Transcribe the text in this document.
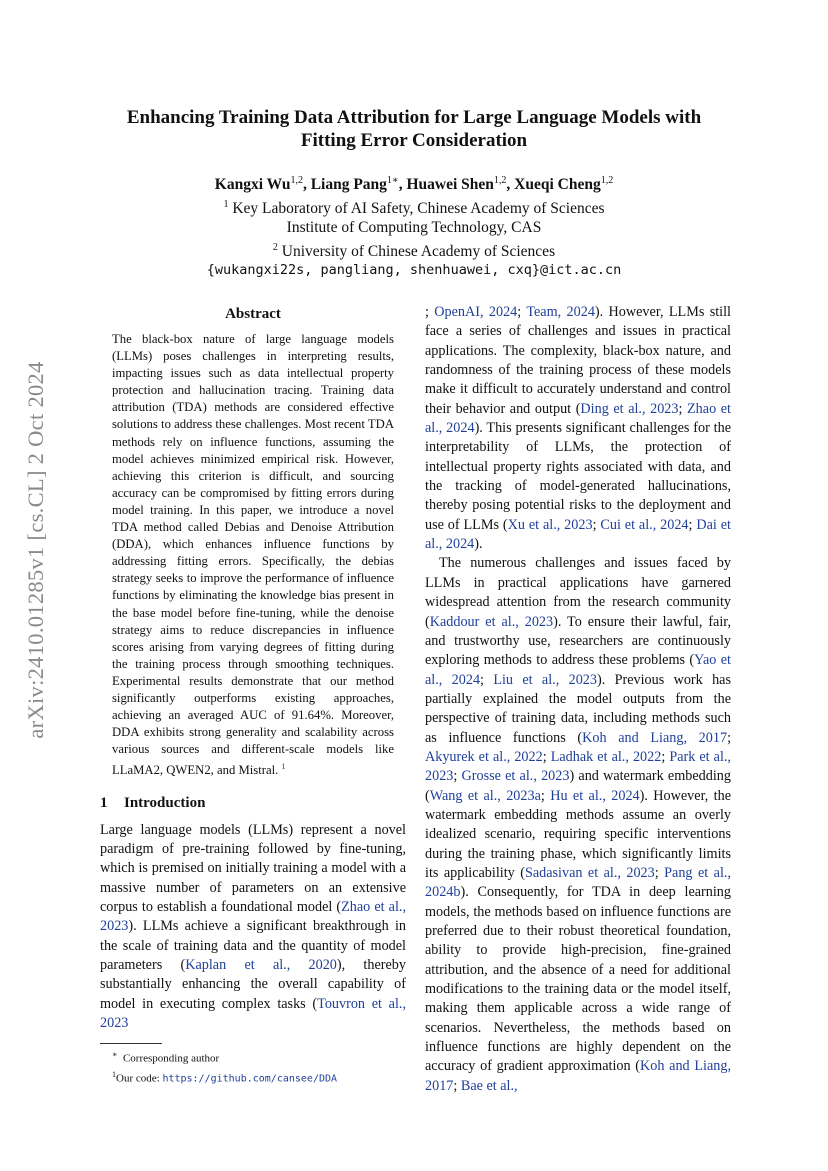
arXiv:2410.01285v1 [cs.CL] 2 Oct 2024
Enhancing Training Data Attribution for Large Language Models with Fitting Error Consideration
Kangxi Wu$^{1,2}$, Liang Pang$^{1∗}$, Huawei Shen$^{1,2}$, Xueqi Cheng$^{1,2}$
$^1$ Key Laboratory of AI Safety, Chinese Academy of Sciences
Institute of Computing Technology, CAS
$^2$ University of Chinese Academy of Sciences
{wukangxi22s, pangliang, shenhuawei, cxq}@ict.ac.cn
Abstract
The black-box nature of large language models (LLMs) poses challenges in interpreting results, impacting issues such as data intellectual property protection and hallucination tracing. Training data attribution (TDA) methods are considered effective solutions to address these challenges. Most recent TDA methods rely on influence functions, assuming the model achieves minimized empirical risk. However, achieving this criterion is difficult, and sourcing accuracy can be compromised by fitting errors during model training. In this paper, we introduce a novel TDA method called Debias and Denoise Attribution (DDA), which enhances influence functions by addressing fitting errors. Specifically, the debias strategy seeks to improve the performance of influence functions by eliminating the knowledge bias present in the base model before fine-tuning, while the denoise strategy aims to reduce discrepancies in influence scores arising from varying degrees of fitting during the training process through smoothing techniques. Experimental results demonstrate that our method significantly outperforms existing approaches, achieving an averaged AUC of 91.64%. Moreover, DDA exhibits strong generality and scalability across various sources and different-scale models like LLaMA2, QWEN2, and Mistral. $^1$
1 Introduction

Large language models (LLMs) represent a novel paradigm of pre-training followed by fine-tuning, which is premised on initially training a model with a massive number of parameters on an extensive corpus to establish a foundational model (Zhao et al., 2023). LLMs achieve a significant breakthrough in the scale of training data and the quantity of model parameters (Kaplan et al., 2020), thereby substantially enhancing the overall capability of model in executing complex tasks (Touvron et al., 2023

; OpenAI, 2024; Team, 2024). However, LLMs still face a series of challenges and issues in practical applications. The complexity, black-box nature, and randomness of the training process of these models make it difficult to accurately understand and control their behavior and output (Ding et al., 2023; Zhao et al., 2024). This presents significant challenges for the interpretability of LLMs, the protection of intellectual property rights associated with data, and the tracking of model-generated hallucinations, thereby posing potential risks to the deployment and use of LLMs (Xu et al., 2023; Cui et al., 2024; Dai et al., 2024).

The numerous challenges and issues faced by LLMs in practical applications have garnered widespread attention from the research community (Kaddour et al., 2023). To ensure their lawful, fair, and trustworthy use, researchers are continuously exploring methods to address these problems (Yao et al., 2024; Liu et al., 2023). Previous work has partially explained the model outputs from the perspective of training data, including methods such as influence functions (Koh and Liang, 2017; Akyurek et al., 2022; Ladhak et al., 2022; Park et al., 2023; Grosse et al., 2023) and watermark embedding (Wang et al., 2023a; Hu et al., 2024). However, the watermark embedding methods assume an overly idealized scenario, requiring specific interventions during the training phase, which significantly limits its applicability (Sadasivan et al., 2023; Pang et al., 2024b). Consequently, for TDA in deep learning models, the methods based on influence functions are preferred due to their robust theoretical foundation, ability to provide high-precision, fine-grained attribution, and the absence of a need for additional modifications to the training data or the model itself, making them applicable across a wide range of scenarios. Nevertheless, the methods based on influence functions are highly dependent on the accuracy of gradient approximation (Koh and Liang, 2017; Bae et al.,

∗ Corresponding author
$^1$Our code: https://github.com/cansee/DDA
